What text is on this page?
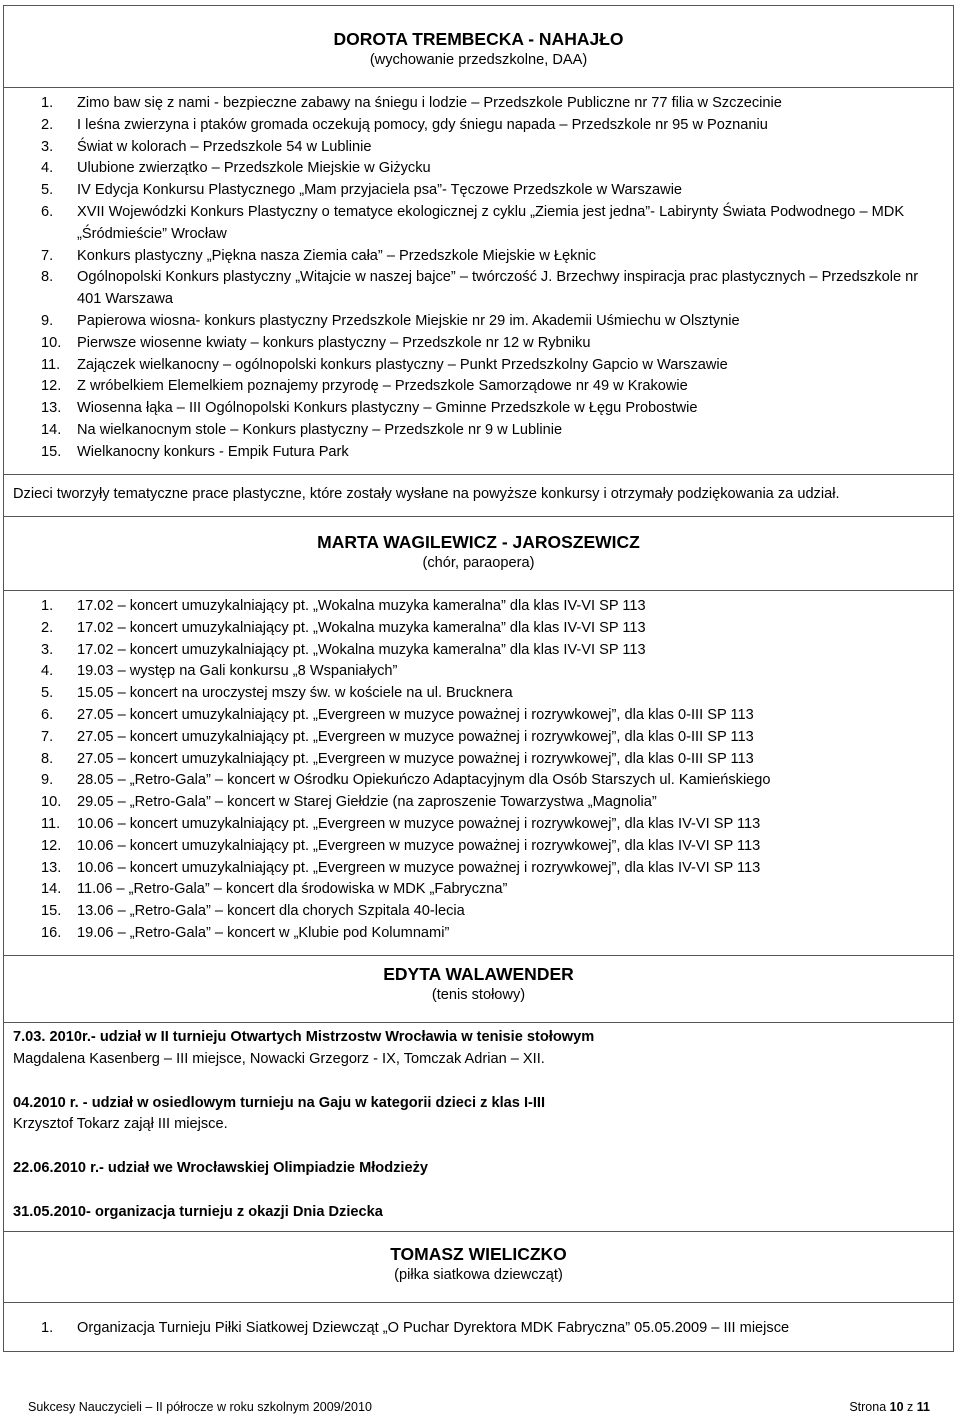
DOROTA TREMBECKA - NAHAJŁO
(wychowanie przedszkolne, DAA)
1.	Zimo baw się z nami - bezpieczne zabawy na śniegu i lodzie – Przedszkole Publiczne nr 77 filia w Szczecinie
2.	I leśna zwierzyna i ptaków gromada oczekują pomocy, gdy śniegu napada – Przedszkole nr 95 w Poznaniu
3.	Świat w kolorach – Przedszkole 54 w Lublinie
4.	Ulubione zwierzątko – Przedszkole Miejskie w Giżycku
5.	IV Edycja Konkursu Plastycznego „Mam przyjaciela psa”- Tęczowe Przedszkole w Warszawie
6.	XVII Wojewódzki Konkurs Plastyczny o tematyce ekologicznej z cyklu „Ziemia jest jedna”- Labirynty Świata Podwodnego – MDK „Śródmieście” Wrocław
7.	Konkurs plastyczny „Piękna nasza Ziemia cała” – Przedszkole Miejskie w Łęknic
8.	Ogólnopolski Konkurs plastyczny „Witajcie w naszej bajce” – twórczość J. Brzechwy inspiracja prac plastycznych – Przedszkole nr 401 Warszawa
9.	Papierowa wiosna- konkurs plastyczny Przedszkole Miejskie nr 29 im. Akademii Uśmiechu w Olsztynie
10.	Pierwsze wiosenne kwiaty – konkurs plastyczny – Przedszkole nr 12 w Rybniku
11.	Zajączek wielkanocny – ogólnopolski konkurs plastyczny – Punkt Przedszkolny Gapcio w Warszawie
12.	Z wróbelkiem Elemelkiem poznajemy przyrodę – Przedszkole Samorządowe nr 49 w Krakowie
13.	Wiosenna łąka – III Ogólnopolski Konkurs plastyczny – Gminne Przedszkole w Łęgu Probostwie
14.	Na wielkanocnym stole – Konkurs plastyczny – Przedszkole nr 9 w Lublinie
15.	Wielkanocny konkurs - Empik Futura Park

Dzieci tworzyły tematyczne prace plastyczne, które zostały wysłane na powyższe konkursy i otrzymały podziękowania za udział.

MARTA WAGILEWICZ - JAROSZEWICZ
(chór, paraopera)
1.	17.02 – koncert umuzykalniający pt. „Wokalna muzyka kameralna” dla klas IV-VI SP 113
2.	17.02 – koncert umuzykalniający pt. „Wokalna muzyka kameralna” dla klas IV-VI SP 113
3.	17.02 – koncert umuzykalniający pt. „Wokalna muzyka kameralna” dla klas IV-VI SP 113
4.	19.03 – występ na Gali konkursu „8 Wspaniałych”
5.	15.05 – koncert na uroczystej mszy św. w kościele na ul. Brucknera
6.	27.05 – koncert umuzykalniający pt. „Evergreen w muzyce poważnej i rozrywkowej”, dla klas 0-III SP 113
7.	27.05 – koncert umuzykalniający pt. „Evergreen w muzyce poważnej i rozrywkowej”, dla klas 0-III SP 113
8.	27.05 – koncert umuzykalniający pt. „Evergreen w muzyce poważnej i rozrywkowej”, dla klas 0-III SP 113
9.	28.05 – „Retro-Gala” – koncert w Ośrodku Opiekuńczo Adaptacyjnym dla Osób Starszych ul. Kamieńskiego
10.	29.05 – „Retro-Gala” – koncert w Starej Giełdzie (na zaproszenie Towarzystwa „Magnolia”
11.	10.06 – koncert umuzykalniający pt. „Evergreen w muzyce poważnej i rozrywkowej”, dla klas IV-VI SP 113
12.	10.06 – koncert umuzykalniający pt. „Evergreen w muzyce poważnej i rozrywkowej”, dla klas IV-VI SP 113
13.	10.06 – koncert umuzykalniający pt. „Evergreen w muzyce poważnej i rozrywkowej”, dla klas IV-VI SP 113
14.	11.06 – „Retro-Gala” – koncert dla środowiska w MDK „Fabryczna”
15.	13.06 – „Retro-Gala” – koncert dla chorych Szpitala 40-lecia
16.	19.06 – „Retro-Gala” – koncert w „Klubie pod Kolumnami”
EDYTA WALAWENDER
(tenis stołowy)

7.03. 2010r.- udział w II turnieju Otwartych Mistrzostw Wrocławia w tenisie stołowym

Magdalena Kasenberg – III miejsce, Nowacki Grzegorz - IX, Tomczak Adrian – XII.

04.2010 r. - udział w osiedlowym turnieju na Gaju w kategorii dzieci z klas I-III

Krzysztof Tokarz zajął III miejsce.

22.06.2010 r.- udział we Wrocławskiej Olimpiadzie Młodzieży

31.05.2010- organizacja turnieju z okazji Dnia Dziecka

TOMASZ WIELICZKO
(piłka siatkowa dziewcząt)
1.	Organizacja Turnieju Piłki Siatkowej Dziewcząt „O Puchar Dyrektora MDK Fabryczna” 05.05.2009 – III miejsce
Sukcesy Nauczycieli – II półrocze w roku szkolnym 2009/2010	Strona 10 z 11
